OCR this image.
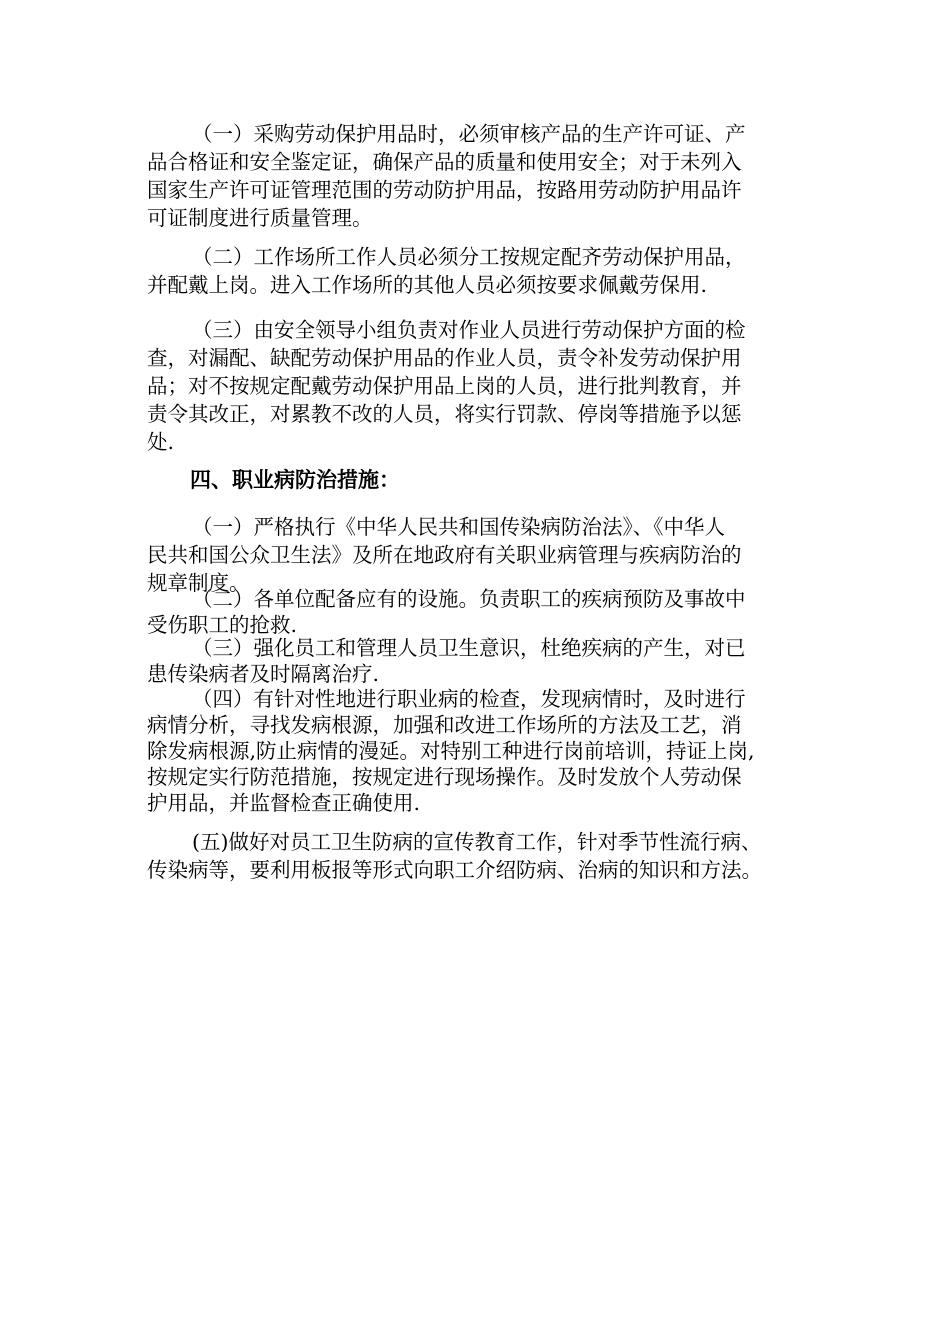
（一）采购劳动保护用品时，必须审核产品的生产许可证、产
品合格证和安全鉴定证，确保产品的质量和使用安全；对于未列入
国家生产许可证管理范围的劳动防护用品，按路用劳动防护用品许
可证制度进行质量管理。
（二）工作场所工作人员必须分工按规定配齐劳动保护用品，
并配戴上岗。进入工作场所的其他人员必须按要求佩戴劳保用.
（三）由安全领导小组负责对作业人员进行劳动保护方面的检
查，对漏配、缺配劳动保护用品的作业人员，责令补发劳动保护用
品；对不按规定配戴劳动保护用品上岗的人员，进行批判教育，并
责令其改正，对累教不改的人员，将实行罚款、停岗等措施予以惩
处.
四、职业病防治措施：
（一）严格执行《中华人民共和国传染病防治法》、《中华人
民共和国公众卫生法》及所在地政府有关职业病管理与疾病防治的
规章制度。
（二）各单位配备应有的设施。负责职工的疾病预防及事故中
受伤职工的抢救.
（三）强化员工和管理人员卫生意识，杜绝疾病的产生，对已
患传染病者及时隔离治疗.
（四）有针对性地进行职业病的检查，发现病情时，及时进行
病情分析，寻找发病根源，加强和改进工作场所的方法及工艺，消
除发病根源,防止病情的漫延。对特别工种进行岗前培训，持证上岗,
按规定实行防范措施，按规定进行现场操作。及时发放个人劳动保
护用品，并监督检查正确使用.
(五)做好对员工卫生防病的宣传教育工作，针对季节性流行病、
传染病等，要利用板报等形式向职工介绍防病、治病的知识和方法。
